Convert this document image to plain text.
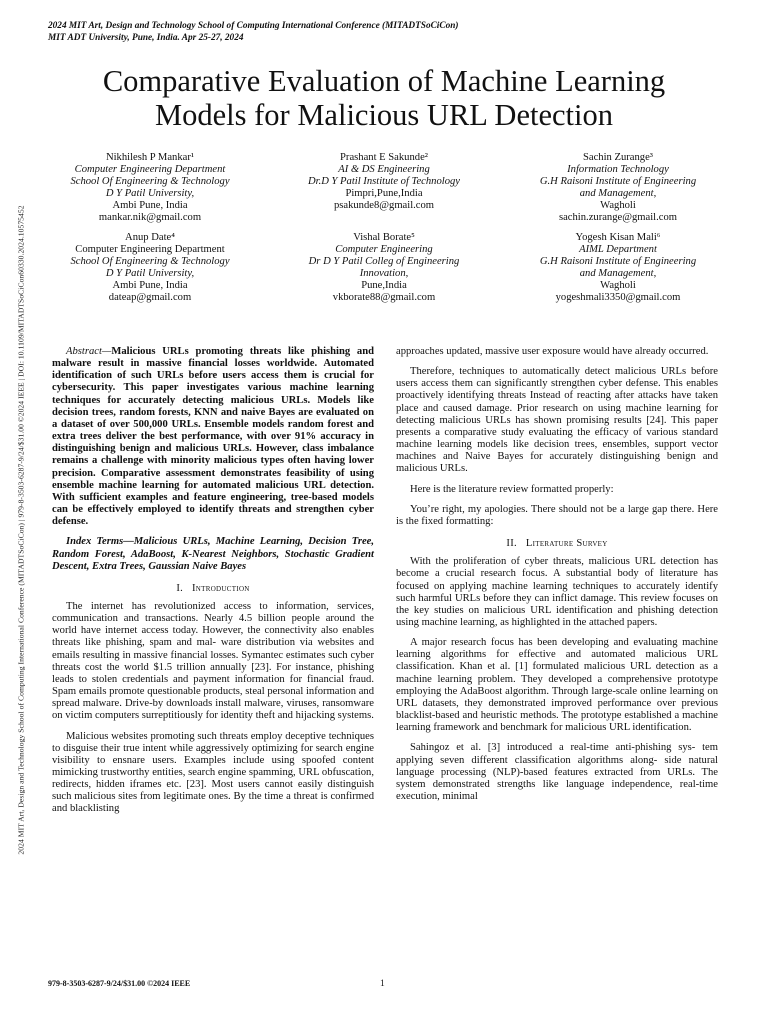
2024 MIT Art, Design and Technology School of Computing International Conference (MITADTSoCiCon)
MIT ADT University, Pune, India. Apr 25-27, 2024
2024 MIT Art, Design and Technology School of Computing International Conference (MITADTSoCiCon) | 979-8-3503-6287-9/24/$31.00 ©2024 IEEE | DOI: 10.1109/MITADTSoCiCon60330.2024.10575452
Comparative Evaluation of Machine Learning
Models for Malicious URL Detection
Nikhilesh P Mankar¹
Computer Engineering Department
School Of Engineering & Technology
D Y Patil University,
Ambi Pune, India
mankar.nik@gmail.com
Prashant E Sakunde²
AI & DS Engineering
Dr.D Y Patil Institute of Technology
Pimpri,Pune,India
psakunde8@gmail.com
Sachin Zurange³
Information Technology
G.H Raisoni Institute of Engineering
and Management,
Wagholi
sachin.zurange@gmail.com
Anup Date⁴
Computer Engineering Department
School Of Engineering & Technology
D Y Patil University,
Ambi Pune, India
dateap@gmail.com
Vishal Borate⁵
Computer Engineering
Dr D Y Patil Colleg of Engineering
Innovation,
Pune,India
vkborate88@gmail.com
Yogesh Kisan Mali⁶
AIML Department
G.H Raisoni Institute of Engineering
and Management,
Wagholi
yogeshmali3350@gmail.com

Abstract—Malicious URLs promoting threats like phishing and malware result in massive financial losses worldwide. Automated identification of such URLs before users access them is crucial for cybersecurity. This paper investigates various machine learning techniques for accurately detecting malicious URLs. Models like decision trees, random forests, KNN and naive Bayes are evaluated on a dataset of over 500,000 URLs. Ensemble models random forest and extra trees deliver the best performance, with over 91% accuracy in distinguishing benign and malicious URLs. However, class imbalance remains a challenge with minority malicious types often having lower precision. Comparative assessment demonstrates feasibility of using ensemble machine learning for automated malicious URL detection. With sufficient examples and feature engineering, tree-based models can be effectively employed to identify threats and strengthen cyber defense.

Index Terms—Malicious URLs, Machine Learning, Decision Tree, Random Forest, AdaBoost, K-Nearest Neighbors, Stochastic Gradient Descent, Extra Trees, Gaussian Naive Bayes

I. Introduction

The internet has revolutionized access to information, services, communication and transactions. Nearly 4.5 billion people around the world have internet access today. However, the connectivity also enables threats like phishing, spam and mal- ware distribution via websites and emails resulting in massive financial losses. Symantec estimates such cyber threats cost the world $1.5 trillion annually [23]. For instance, phishing leads to stolen credentials and payment information for financial fraud. Spam emails promote questionable products, steal personal information and spread malware. Drive-by downloads install malware, viruses, ransomware on victim computers surreptitiously for identity theft and hijacking systems.

Malicious websites promoting such threats employ deceptive techniques to disguise their true intent while aggressively optimizing for search engine visibility to ensnare users. Examples include using spoofed content mimicking trustworthy entities, search engine spamming, URL obfuscation, redirects, hidden iframes etc. [23]. Most users cannot easily distinguish such malicious sites from legitimate ones. By the time a threat is confirmed and blacklisting

approaches updated, massive user exposure would have already occurred.

Therefore, techniques to automatically detect malicious URLs before users access them can significantly strengthen cyber defense. This enables proactively identifying threats Instead of reacting after attacks have taken place and caused damage. Prior research on using machine learning for detecting malicious URLs has shown promising results [24]. This paper presents a comparative study evaluating the efficacy of various standard machine learning models like decision trees, ensembles, support vector machines and Naive Bayes for accurately distinguishing benign and malicious URLs.

Here is the literature review formatted properly:

You’re right, my apologies. There should not be a large gap there. Here is the fixed formatting:

II. Literature Survey

With the proliferation of cyber threats, malicious URL detection has become a crucial research focus. A substantial body of literature has focused on applying machine learning techniques to accurately identify such harmful URLs before they can inflict damage. This review focuses on the key studies on malicious URL identification and phishing detection using machine learning, as highlighted in the attached papers.

A major research focus has been developing and evaluating machine learning algorithms for effective and automated malicious URL classification. Khan et al. [1] formulated malicious URL detection as a machine learning problem. They developed a comprehensive prototype employing the AdaBoost algorithm. Through large-scale online learning on URL datasets, they demonstrated improved performance over previous blacklist-based and heuristic methods. The prototype established a machine learning framework and benchmark for malicious URL identification.

Sahingoz et al. [3] introduced a real-time anti-phishing sys- tem applying seven different classification algorithms along- side natural language processing (NLP)-based features extracted from URLs. The system demonstrated strengths like language independence, real-time execution, minimal

979-8-3503-6287-9/24/$31.00 ©2024 IEEE	1
